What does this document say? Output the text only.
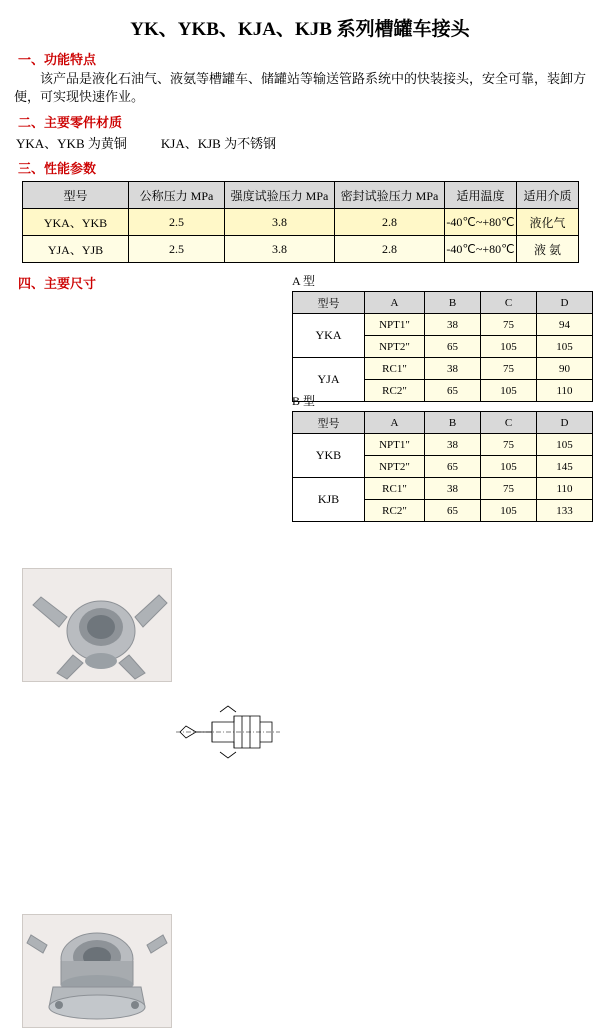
YK、YKB、KJA、KJB 系列槽罐车接头
一、功能特点
该产品是液化石油气、液氨等槽罐车、储罐站等输送管路系统中的快装接头，安全可靠，装卸方便，可实现快速作业。
二、主要零件材质
YKA、YKB 为黄铜	KJA、KJB 为不锈钢
三、性能参数
型号	公称压力 MPa	强度试验压力 MPa	密封试验压力 MPa	适用温度	适用介质
YKA、YKB	2.5	3.8	2.8	-40℃~+80℃	液化气
YJA、YJB	2.5	3.8	2.8	-40℃~+80℃	液 氨
四、主要尺寸	A 型
型号	A	B	C	D
YKA	NPT1"	38	75	94
	NPT2"	65	105	105
YJA	RC1"	38	75	90
	RC2"	65	105	110
B 型
型号	A	B	C	D
YKB	NPT1"	38	75	105
	NPT2"	65	105	145
KJB	RC1"	38	75	110
	RC2"	65	105	133
